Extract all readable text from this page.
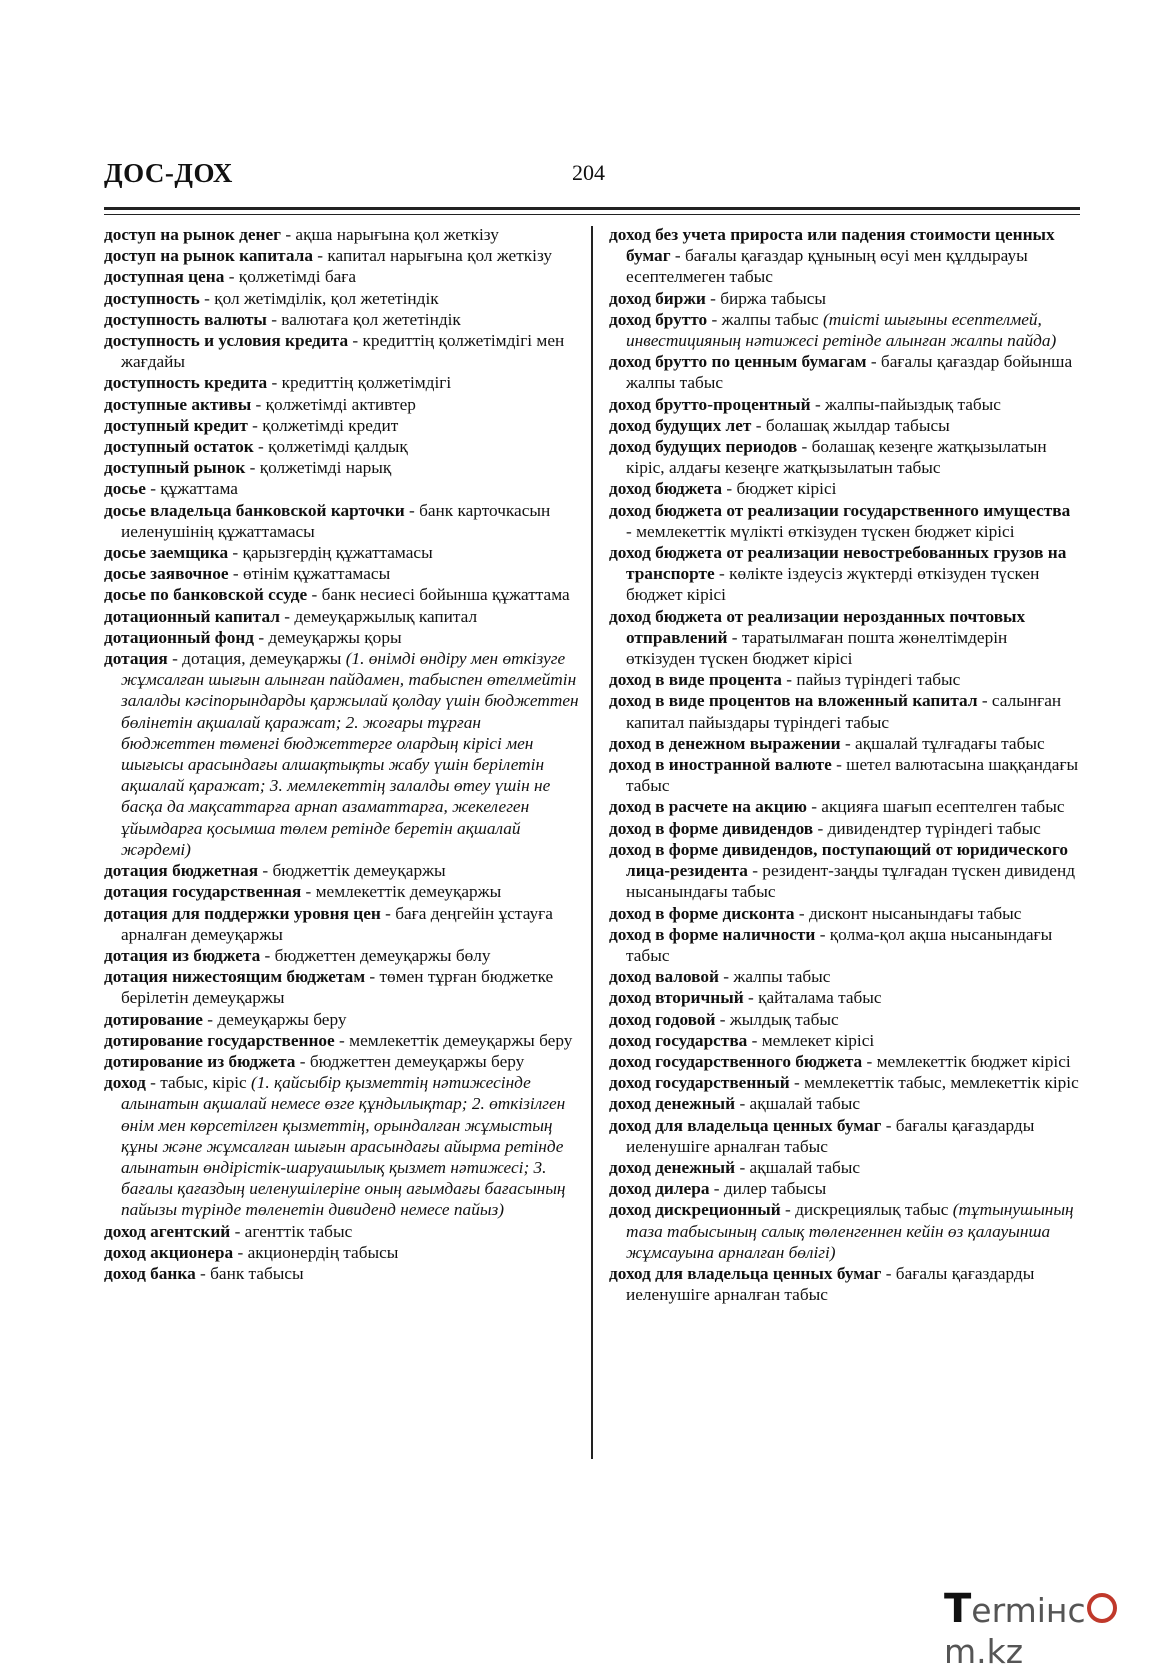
ДОС-ДОХ	204

доступ на рынок денег - ақша нарығына қол жеткізу

доступ на рынок капитала - капитал нарығына қол жеткізу

доступная цена - қолжетімді баға

доступность - қол жетімділік, қол жететіндік

доступность валюты - валютаға қол жететіндік

доступность и условия кредита - кредиттің қолжетімдігі мен жағдайы

доступность кредита - кредиттің қолжетімдігі

доступные активы - қолжетімді активтер

доступный кредит - қолжетімді кредит

доступный остаток - қолжетімді қалдық

доступный рынок - қолжетімді нарық

досье - құжаттама

досье владельца банковской карточки - банк карточкасын иеленушінің құжаттамасы

досье заемщика - қарызгердің құжаттамасы

досье заявочное - өтінім құжаттамасы

досье по банковской ссуде - банк несиесі бойынша құжаттама

дотационный капитал - демеуқаржылық капитал

дотационный фонд - демеуқаржы қоры

дотация - дотация, демеуқаржы (1. өнімді өндіру мен өткізуге жұмсалған шығын алынған пайдамен, табыспен өтелмейтін залалды кәсіпорындарды қаржылай қолдау үшін бюджеттен бөлінетін ақшалай қаражат; 2. жоғары тұрған бюджеттен төменгі бюджеттерге олардың кірісі мен шығысы арасындағы алшақтықты жабу үшін берілетін ақшалай қаражат; 3. мемлекеттің залалды өтеу үшін не басқа да мақсаттарға арнап азаматтарға, жекелеген ұйымдарға қосымша төлем ретінде беретін ақшалай жәрдемі)

дотация бюджетная - бюджеттік демеуқаржы

дотация государственная - мемлекеттік демеуқаржы

дотация для поддержки уровня цен - баға деңгейін ұстауға арналған демеуқаржы

дотация из бюджета - бюджеттен демеуқаржы бөлу

дотация нижестоящим бюджетам - төмен тұрған бюджетке берілетін демеуқаржы

дотирование - демеуқаржы беру

дотирование государственное - мемлекеттік демеуқаржы беру

дотирование из бюджета - бюджеттен демеуқаржы беру

доход - табыс, кіріс (1. қайсыбір қызметтің нәтижесінде алынатын ақшалай немесе өзге құндылықтар; 2. өткізілген өнім мен көрсетілген қызметтің, орындалған жұмыстың құны және жұмсалған шығын арасындағы айырма ретінде алынатын өндірістік-шаруашылық қызмет нәтижесі; 3. бағалы қағаздың иеленушілеріне оның ағымдағы бағасының пайызы түрінде төленетін дивиденд немесе пайыз)

доход агентский - агенттік табыс

доход акционера - акционердің табысы

доход банка - банк табысы

доход без учета прироста или падения стоимости ценных бумаг - бағалы қағаздар құнының өсуі мен құлдырауы есептелмеген табыс

доход биржи - биржа табысы

доход брутто - жалпы табыс (тиісті шығыны есептелмей, инвестицияның нәтижесі ретінде алынған жалпы пайда)

доход брутто по ценным бумагам - бағалы қағаздар бойынша жалпы табыс

доход брутто-процентный - жалпы-пайыздық табыс

доход будущих лет - болашақ жылдар табысы

доход будущих периодов - болашақ кезеңге жатқызылатын кіріс, алдағы кезеңге жатқызылатын табыс

доход бюджета - бюджет кірісі

доход бюджета от реализации государственного имущества - мемлекеттік мүлікті өткізуден түскен бюджет кірісі

доход бюджета от реализации невостребованных грузов на транспорте - көлікте іздеусіз жүктерді өткізуден түскен бюджет кірісі

доход бюджета от реализации нерозданных почтовых отправлений - таратылмаған пошта жөнелтімдерін өткізуден түскен бюджет кірісі

доход в виде процента - пайыз түріндегі табыс

доход в виде процентов на вложенный капитал - салынған капитал пайыздары түріндегі табыс

доход в денежном выражении - ақшалай тұлғадағы табыс

доход в иностранной валюте - шетел валютасына шаққандағы табыс

доход в расчете на акцию - акцияға шағып есептелген табыс

доход в форме дивидендов - дивидендтер түріндегі табыс

доход в форме дивидендов, поступающий от юридического лица-резидента - резидент-заңды тұлғадан түскен дивиденд нысанындағы табыс

доход в форме дисконта - дисконт нысанындағы табыс

доход в форме наличности - қолма-қол ақша нысанындағы табыс

доход валовой - жалпы табыс

доход вторичный - қайталама табыс

доход годовой - жылдық табыс

доход государства - мемлекет кірісі

доход государственного бюджета - мемлекеттік бюджет кірісі

доход государственный - мемлекеттік табыс, мемлекеттік кіріс

доход денежный - ақшалай табыс

доход для владельца ценных бумаг - бағалы қағаздарды иеленушіге арналған табыс

доход денежный - ақшалай табыс

доход дилера - дилер табысы

доход дискреционный - дискрециялық табыс (тұтынушының таза табысының салық төленгеннен кейін өз қалауынша жұмсауына арналған бөлігі)

доход для владельца ценных бумаг - бағалы қағаздарды иеленушіге арналған табыс

Termінcm.kz
